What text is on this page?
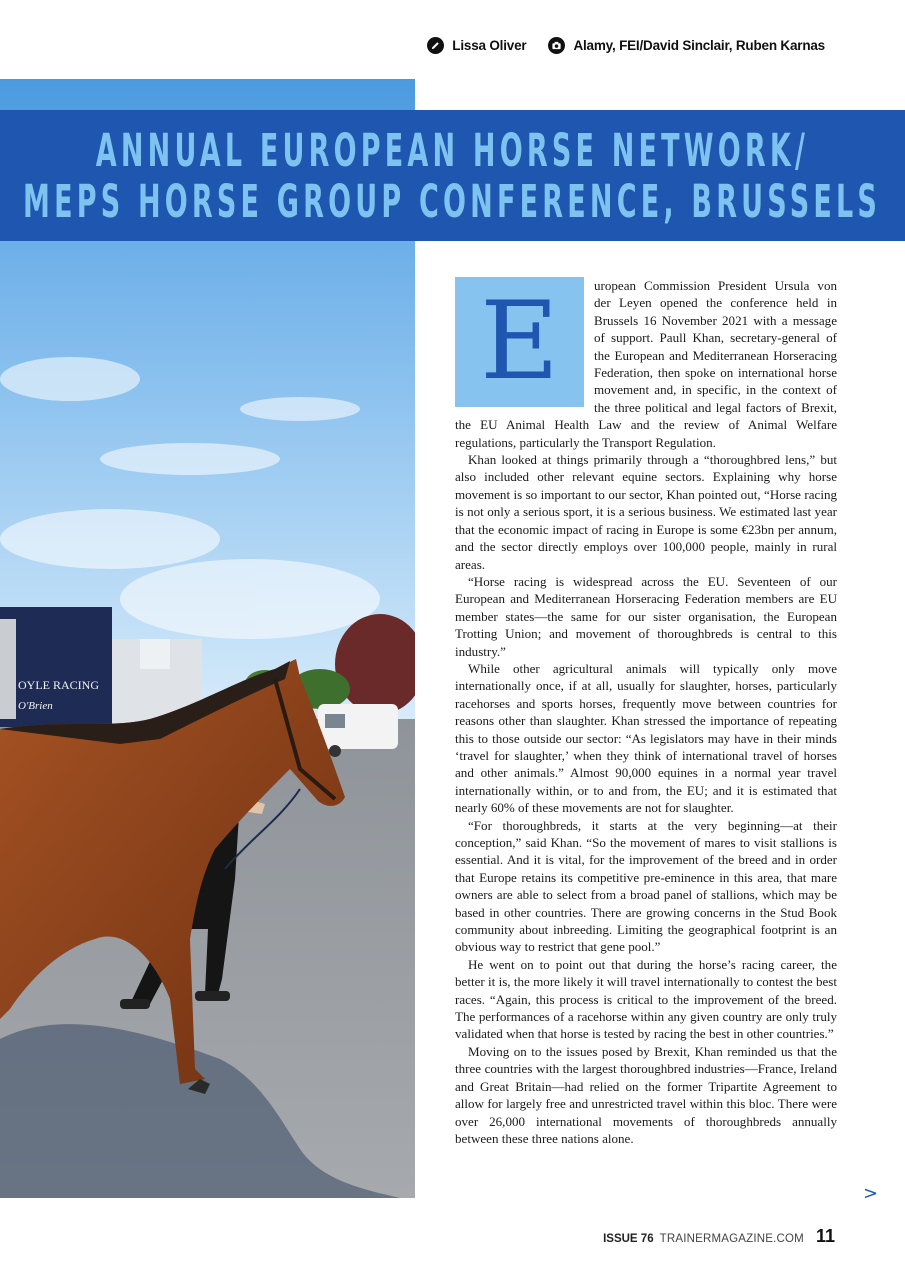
Lissa Oliver	Alamy, FEI/David Sinclair, Ruben Karnas
OYLE RACING
O'Brien
ANNUAL EUROPEAN HORSE NETWORK/
MEPS HORSE GROUP CONFERENCE, BRUSSELS
E	uropean Commission President Ursula von der Leyen opened the conference held in Brussels 16 November 2021 with a message of support. Paull Khan, secretary-general of the European and Mediterranean Horseracing Federation, then spoke on international horse movement and, in specific, in the context of the three political and legal factors of Brexit, the EU Animal Health Law and the review of Animal Welfare regulations, particularly the Transport Regulation.

Khan looked at things primarily through a “thoroughbred lens,” but also included other relevant equine sectors. Explaining why horse movement is so important to our sector, Khan pointed out, “Horse racing is not only a serious sport, it is a serious business. We estimated last year that the economic impact of racing in Europe is some €23bn per annum, and the sector directly employs over 100,000 people, mainly in rural areas.

“Horse racing is widespread across the EU. Seventeen of our European and Mediterranean Horseracing Federation members are EU member states—the same for our sister organisation, the European Trotting Union; and movement of thoroughbreds is central to this industry.”

While other agricultural animals will typically only move internationally once, if at all, usually for slaughter, horses, particularly racehorses and sports horses, frequently move between countries for reasons other than slaughter. Khan stressed the importance of repeating this to those outside our sector: “As legislators may have in their minds ‘travel for slaughter,’ when they think of international travel of horses and other animals.” Almost 90,000 equines in a normal year travel internationally within, or to and from, the EU; and it is estimated that nearly 60% of these movements are not for slaughter.

“For thoroughbreds, it starts at the very beginning—at their conception,” said Khan. “So the movement of mares to visit stallions is essential. And it is vital, for the improvement of the breed and in order that Europe retains its competitive pre-eminence in this area, that mare owners are able to select from a broad panel of stallions, which may be based in other countries. There are growing concerns in the Stud Book community about inbreeding. Limiting the geographical footprint is an obvious way to restrict that gene pool.”

He went on to point out that during the horse’s racing career, the better it is, the more likely it will travel internationally to contest the best races. “Again, this process is critical to the improvement of the breed. The performances of a racehorse within any given country are only truly validated when that horse is tested by racing the best in other countries.”

Moving on to the issues posed by Brexit, Khan reminded us that the three countries with the largest thoroughbred industries—France, Ireland and Great Britain—had relied on the former Tripartite Agreement to allow for largely free and unrestricted travel within this bloc. There were over 26,000 international movements of thoroughbreds annually between these three nations alone.

>
ISSUE 76 TRAINERMAGAZINE.COM 11
